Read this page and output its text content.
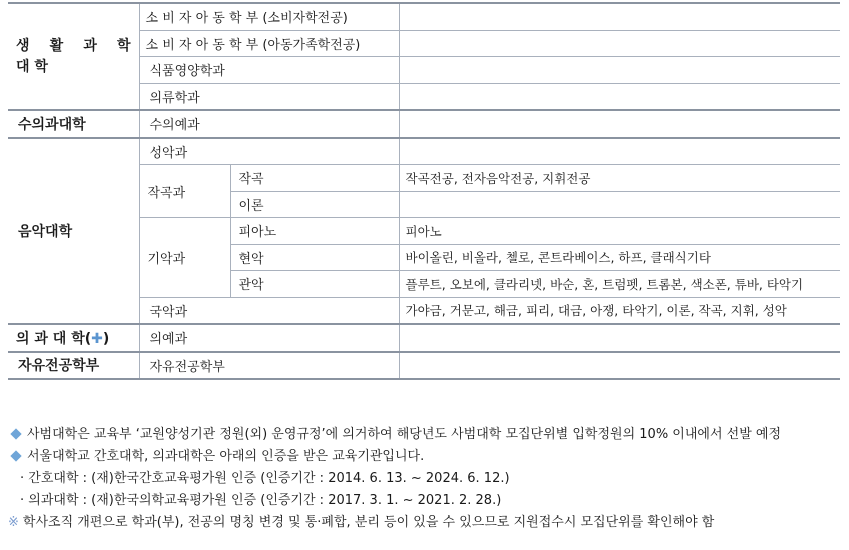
생 활 과 학
대 학	소 비 자 아 동 학 부 (소비자학전공)		
	소 비 자 아 동 학 부 (아동가족학전공)		
	식품영양학과		
	의류학과		
수의과대학	수의예과		
음악대학	성악과		
	작곡과	작곡	작곡전공, 전자음악전공, 지휘전공
		이론	
	기악과	피아노	피아노
		현악	바이올린, 비올라, 첼로, 콘트라베이스, 하프, 클래식기타
		관악	플루트, 오보에, 클라리넷, 바순, 혼, 트럼펫, 트롬본, 색소폰, 튜바, 타악기
	국악과		가야금, 거문고, 해금, 피리, 대금, 아쟁, 타악기, 이론, 작곡, 지휘, 성악
의 과 대 학(✚)	의예과		
자유전공학부	자유전공학부		
사범대학은 교육부 ‘교원양성기관 정원(외) 운영규정’에 의거하여 해당년도 사범대학 모집단위별 입학정원의 10% 이내에서 선발 예정
서울대학교 간호대학, 의과대학은 아래의 인증을 받은 교육기관입니다.
· 간호대학 : (재)한국간호교육평가원 인증 (인증기간 : 2014. 6. 13. ~ 2024. 6. 12.)
· 의과대학 : (재)한국의학교육평가원 인증 (인증기간 : 2017. 3. 1. ~ 2021. 2. 28.)
※ 학사조직 개편으로 학과(부), 전공의 명칭 변경 및 통·폐합, 분리 등이 있을 수 있으므로 지원접수시 모집단위를 확인해야 함
